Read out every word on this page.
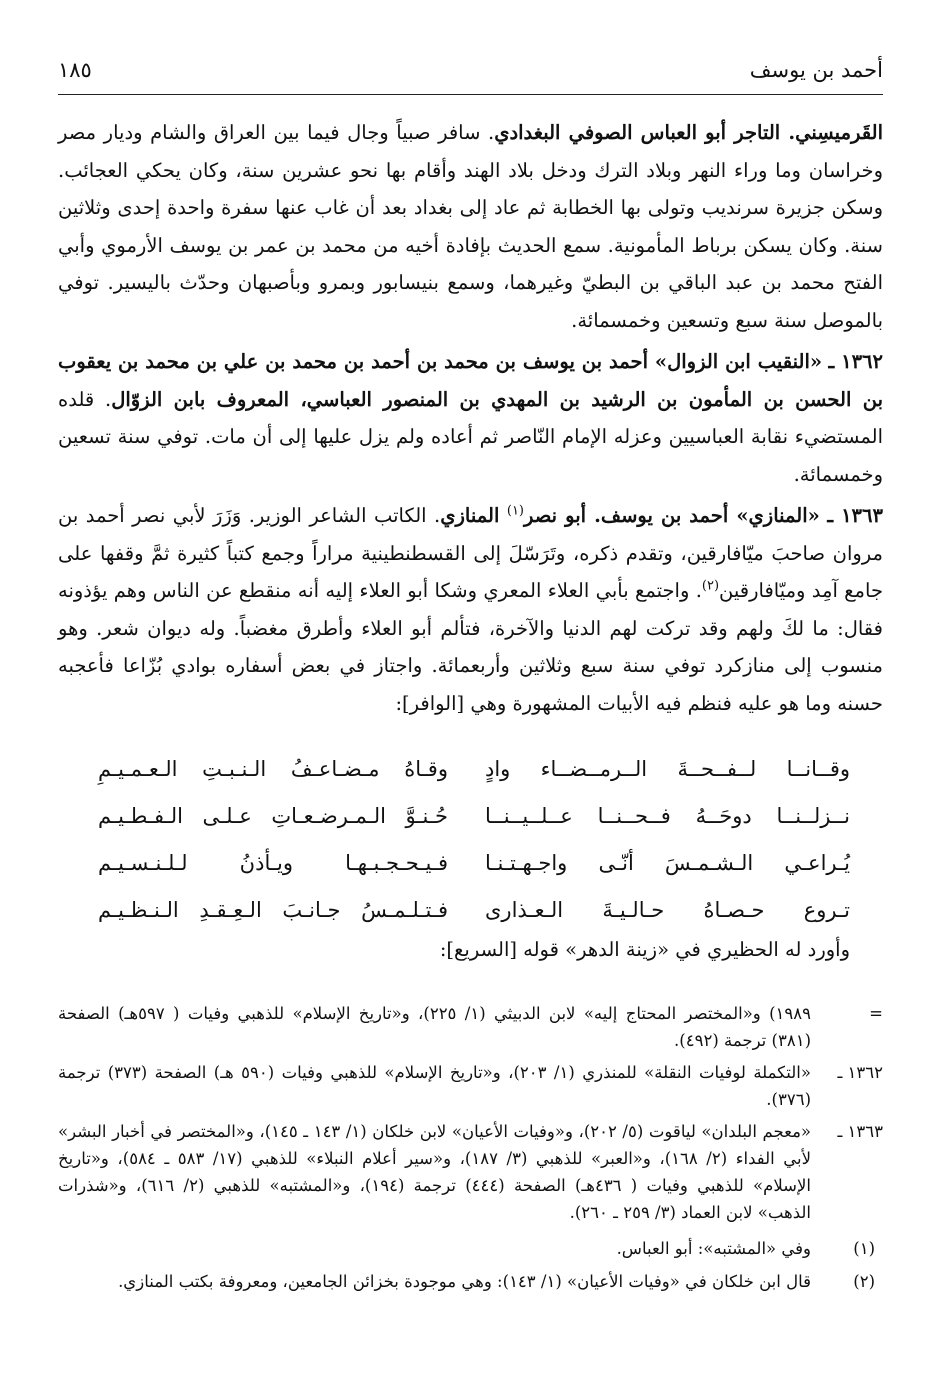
أحمد بن يوسف
١٨٥

القَرميسِني. التاجر أبو العباس الصوفي البغدادي. سافر صبياً وجال فيما بين العراق والشام وديار مصر وخراسان وما وراء النهر وبلاد الترك ودخل بلاد الهند وأقام بها نحو عشرين سنة، وكان يحكي العجائب. وسكن جزيرة سرنديب وتولى بها الخطابة ثم عاد إلى بغداد بعد أن غاب عنها سفرة واحدة إحدى وثلاثين سنة. وكان يسكن برباط المأمونية. سمع الحديث بإفادة أخيه من محمد بن عمر بن يوسف الأرموي وأبي الفتح محمد بن عبد الباقي بن البطيّ وغيرهما، وسمع بنيسابور وبمرو وبأصبهان وحدّث باليسير. توفي بالموصل سنة سبع وتسعين وخمسمائة.

١٣٦٢ ـ «النقيب ابن الزوال» أحمد بن يوسف بن محمد بن أحمد بن محمد بن علي بن محمد بن يعقوب بن الحسن بن المأمون بن الرشيد بن المهدي بن المنصور العباسي، المعروف بابن الزوّال. قلده المستضيء نقابة العباسيين وعزله الإمام النّاصر ثم أعاده ولم يزل عليها إلى أن مات. توفي سنة تسعين وخمسمائة.

١٣٦٣ ـ «المنازي» أحمد بن يوسف. أبو نصر$^{(١)}$ المنازي. الكاتب الشاعر الوزير. وَزَرَ لأبي نصر أحمد بن مروان صاحبَ ميّافارقين، وتقدم ذكره، وتَرَسّلَ إلى القسطنطينية مراراً وجمع كتباً كثيرة ثمَّ وقفها على جامع آمِد وميّافارقين$^{(٢)}$. واجتمع بأبي العلاء المعري وشكا أبو العلاء إليه أنه منقطع عن الناس وهم يؤذونه فقال: ما لكَ ولهم وقد تركت لهم الدنيا والآخرة، فتألم أبو العلاء وأطرق مغضباً. وله ديوان شعر. وهو منسوب إلى منازكرد توفي سنة سبع وثلاثين وأربعمائة. واجتاز في بعض أسفاره بوادي بُزّاعا فأعجبه حسنه وما هو عليه فنظم فيه الأبيات المشهورة وهي [الوافر]:

وقــانــا لــفــحــةَ الــرمــضــاء وادٍ
وقـاهُ مـضـاعـفُ الـنـبـتِ الـعـمـيـمِ
نــزلــنــا دوحَــهُ فــحــنــا عــلــيــنــا
حُـنـوَّ الـمـرضـعـاتِ عـلـى الـفـطـيـم
يُـراعـي الـشـمـسَ أنّـى واجـهـتـنـا
فـيـحـجـبـهـا ويـأذنُ لـلـنـسـيـم
تـروع حـصـاهُ حـالـيـةَ الـعـذارى
فـتـلـمـسُ جـانـبَ الـعِـقـدِ الـنـظـيـم
وأورد له الحظيري في «زينة الدهر» قوله [السريع]:
=
١٩٨٩) و«المختصر المحتاج إليه» لابن الدبيثي (١/ ٢٢٥)، و«تاريخ الإسلام» للذهبي وفيات ( ٥٩٧هـ) الصفحة (٣٨١) ترجمة (٤٩٢).
١٣٦٢ ـ
«التكملة لوفيات النقلة» للمنذري (١/ ٢٠٣)، و«تاريخ الإسلام» للذهبي وفيات (٥٩٠ هـ) الصفحة (٣٧٣) ترجمة (٣٧٦).
١٣٦٣ ـ
«معجم البلدان» لياقوت (٥/ ٢٠٢)، و«وفيات الأعيان» لابن خلكان (١/ ١٤٣ ـ ١٤٥)، و«المختصر في أخبار البشر» لأبي الفداء (٢/ ١٦٨)، و«العبر» للذهبي (٣/ ١٨٧)، و«سير أعلام النبلاء» للذهبي (١٧/ ٥٨٣ ـ ٥٨٤)، و«تاريخ الإسلام» للذهبي وفيات ( ٤٣٦هـ) الصفحة (٤٤٤) ترجمة (١٩٤)، و«المشتبه» للذهبي (٢/ ٦١٦)، و«شذرات الذهب» لابن العماد (٣/ ٢٥٩ ـ ٢٦٠).
(١)
وفي «المشتبه»: أبو العباس.
(٢)
قال ابن خلكان في «وفيات الأعيان» (١/ ١٤٣): وهي موجودة بخزائن الجامعين، ومعروفة بكتب المنازي.
